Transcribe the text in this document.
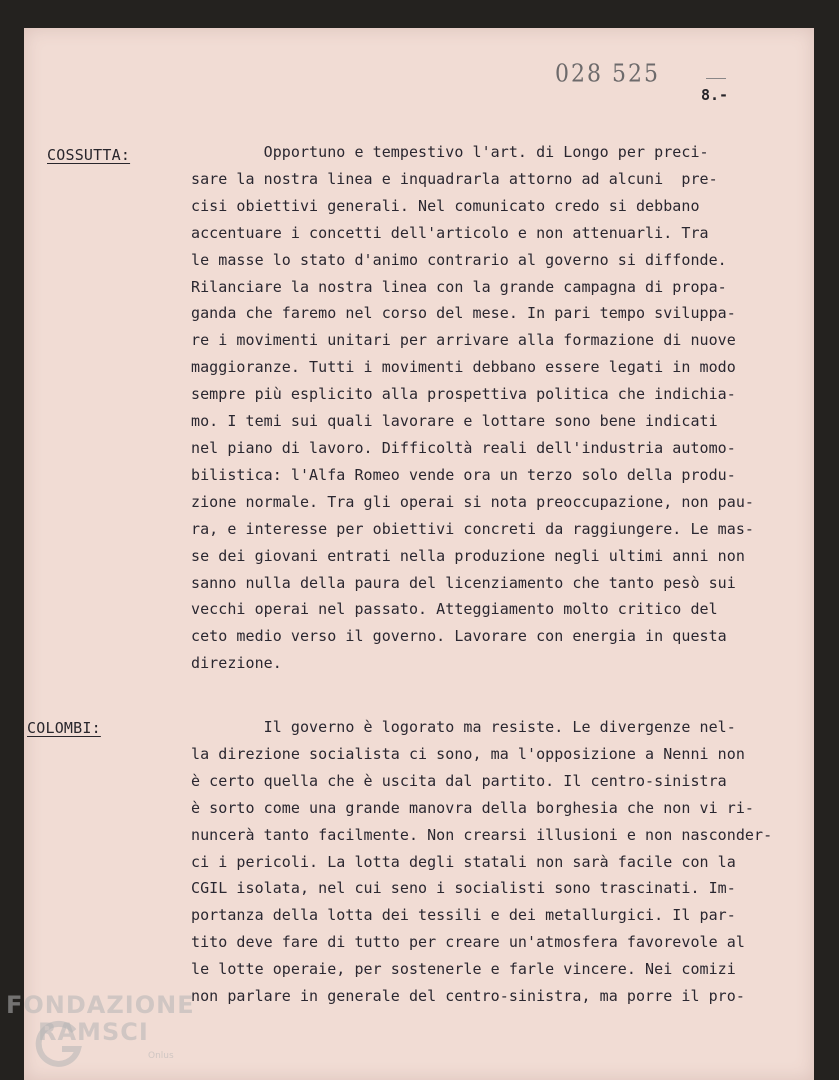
028 525
8.-
COSSUTTA:	Opportuno e tempestivo l'art. di Longo per preci-
sare la nostra linea e inquadrarla attorno ad alcuni  pre-
cisi obiettivi generali. Nel comunicato credo si debbano
accentuare i concetti dell'articolo e non attenuarli. Tra
le masse lo stato d'animo contrario al governo si diffonde.
Rilanciare la nostra linea con la grande campagna di propa-
ganda che faremo nel corso del mese. In pari tempo sviluppa-
re i movimenti unitari per arrivare alla formazione di nuove
maggioranze. Tutti i movimenti debbano essere legati in modo
sempre più esplicito alla prospettiva politica che indichia-
mo. I temi sui quali lavorare e lottare sono bene indicati
nel piano di lavoro. Difficoltà reali dell'industria automo-
bilistica: l'Alfa Romeo vende ora un terzo solo della produ-
zione normale. Tra gli operai si nota preoccupazione, non pau-
ra, e interesse per obiettivi concreti da raggiungere. Le mas-
se dei giovani entrati nella produzione negli ultimi anni non
sanno nulla della paura del licenziamento che tanto pesò sui
vecchi operai nel passato. Atteggiamento molto critico del
ceto medio verso il governo. Lavorare con energia in questa
direzione.
COLOMBI:	Il governo è logorato ma resiste. Le divergenze nel-
la direzione socialista ci sono, ma l'opposizione a Nenni non
è certo quella che è uscita dal partito. Il centro-sinistra
è sorto come una grande manovra della borghesia che non vi ri-
nuncerà tanto facilmente. Non crearsi illusioni e non nasconder-
ci i pericoli. La lotta degli statali non sarà facile con la
CGIL isolata, nel cui seno i socialisti sono trascinati. Im-
portanza della lotta dei tessili e dei metallurgici. Il par-
tito deve fare di tutto per creare un'atmosfera favorevole al
le lotte operaie, per sostenerle e farle vincere. Nei comizi
non parlare in generale del centro-sinistra, ma porre il pro-
FONDAZIONE
RAMSCI
Onlus
